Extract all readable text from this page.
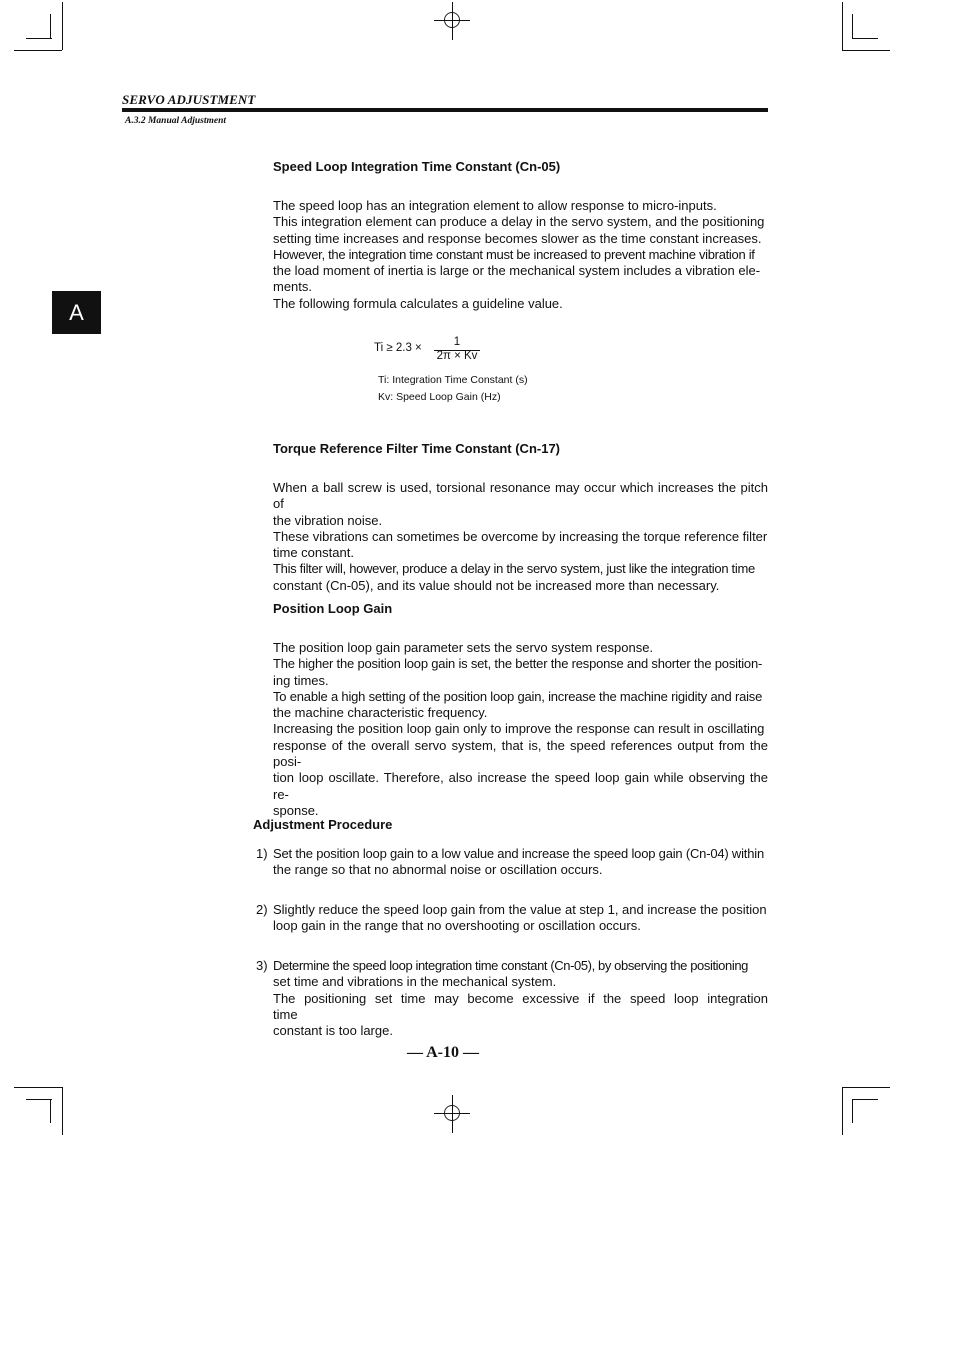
SERVO ADJUSTMENT
A.3.2 Manual Adjustment
A
Speed Loop Integration Time Constant (Cn-05)
The speed loop has an integration element to allow response to micro-inputs.
This integration element can produce a delay in the servo system, and the positioning
setting time increases and response becomes slower as the time constant increases.
However, the integration time constant must be increased to prevent machine vibration if
the load moment of inertia is large or the mechanical system includes a vibration ele-
ments.
The following formula calculates a guideline value.
Ti ≥ 2.3 ×	1
2π × Kv
Ti: Integration Time Constant (s)
Kv: Speed Loop Gain (Hz)
Torque Reference Filter Time Constant (Cn-17)
When a ball screw is used, torsional resonance may occur which increases the pitch of
the vibration noise.
These vibrations can sometimes be overcome by increasing the torque reference filter
time constant.
This filter will, however, produce a delay in the servo system, just like the integration time
constant (Cn-05), and its value should not be increased more than necessary.
Position Loop Gain
The position loop gain parameter sets the servo system response.
The higher the position loop gain is set, the better the response and shorter the position-
ing times.
To enable a high setting of the position loop gain, increase the machine rigidity and raise
the machine characteristic frequency.
Increasing the position loop gain only to improve the response can result in oscillating
response of the overall servo system, that is, the speed references output from the posi-
tion loop oscillate. Therefore, also increase the speed loop gain while observing the re-
sponse.
Adjustment Procedure
1) Set the position loop gain to a low value and increase the speed loop gain (Cn-04) within
the range so that no abnormal noise or oscillation occurs.
2) Slightly reduce the speed loop gain from the value at step 1, and increase the position
loop gain in the range that no overshooting or oscillation occurs.
3) Determine the speed loop integration time constant (Cn-05), by observing the positioning
set time and vibrations in the mechanical system.
The positioning set time may become excessive if the speed loop integration time
constant is too large.
— A-10 —
